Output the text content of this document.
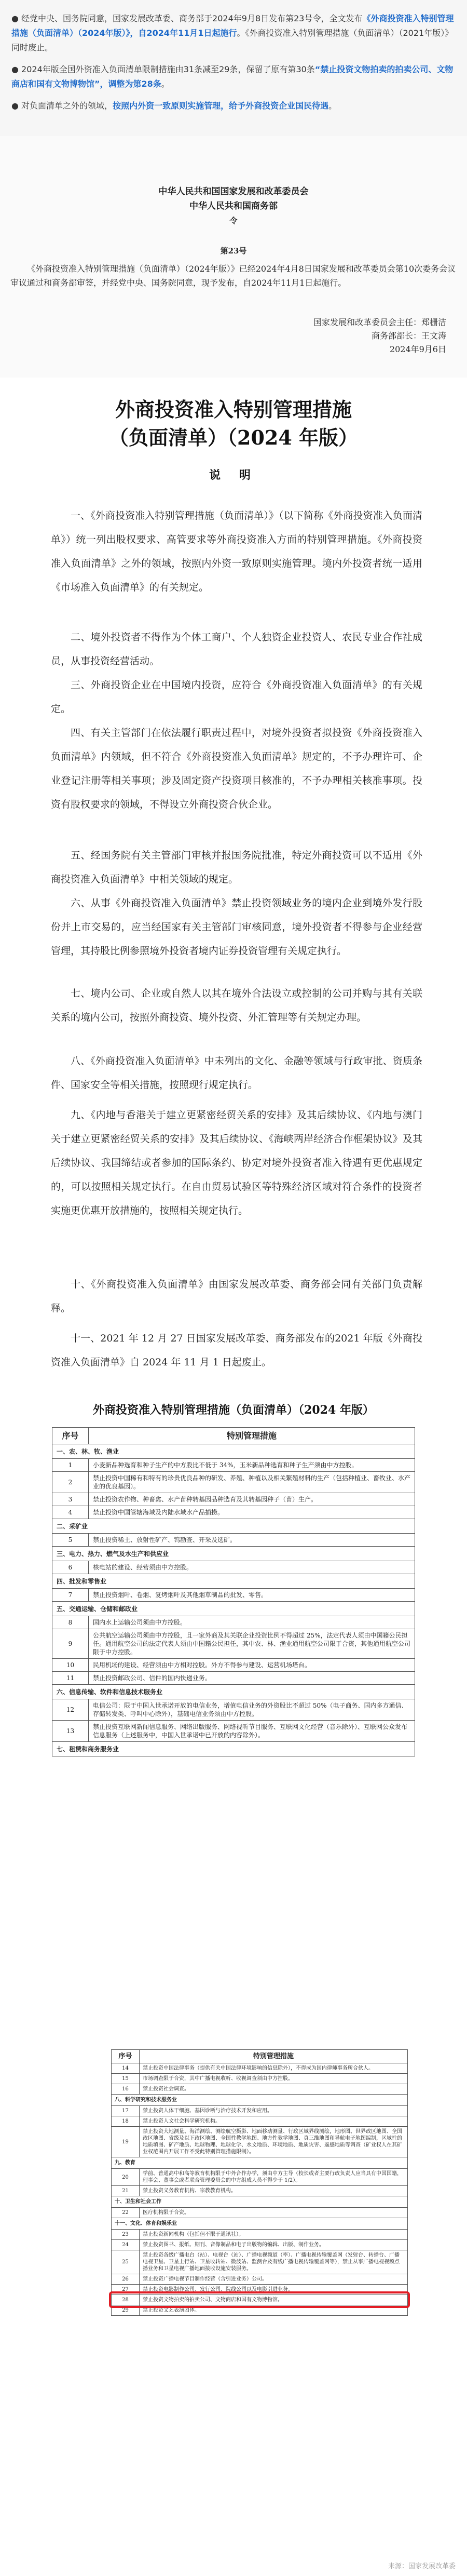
● 经党中央、国务院同意，国家发展改革委、商务部于2024年9月8日发布第23号令，全文发布《外商投资准入特别管理措施（负面清单）（2024年版）》，自2024年11月1日起施行。《外商投资准入特别管理措施（负面清单）（2021年版）》同时废止。

● 2024年版全国外资准入负面清单限制措施由31条减至29条，保留了原有第30条“禁止投资文物拍卖的拍卖公司、文物商店和国有文物博物馆”，调整为第28条。

● 对负面清单之外的领域，按照内外资一致原则实施管理，给予外商投资企业国民待遇。

中华人民共和国国家发展和改革委员会
中华人民共和国商务部
令
第23号
《外商投资准入特别管理措施（负面清单）（2024年版）》已经2024年4月8日国家发展和改革委员会第10次委务会议审议通过和商务部审签，并经党中央、国务院同意，现予发布，自2024年11月1日起施行。
国家发展和改革委员会主任：郑栅洁
商务部部长：王文涛
2024年9月6日
外商投资准入特别管理措施
（负面清单）（2024 年版）
说 明
一、《外商投资准入特别管理措施（负面清单）》（以下简称《外商投资准入负面清单》）统一列出股权要求、高管要求等外商投资准入方面的特别管理措施。《外商投资准入负面清单》之外的领域，按照内外资一致原则实施管理。境内外投资者统一适用《市场准入负面清单》的有关规定。
二、境外投资者不得作为个体工商户、个人独资企业投资人、农民专业合作社成员，从事投资经营活动。
三、外商投资企业在中国境内投资，应符合《外商投资准入负面清单》的有关规定。
四、有关主管部门在依法履行职责过程中，对境外投资者拟投资《外商投资准入负面清单》内领域，但不符合《外商投资准入负面清单》规定的，不予办理许可、企业登记注册等相关事项；涉及固定资产投资项目核准的，不予办理相关核准事项。投资有股权要求的领域，不得设立外商投资合伙企业。
五、经国务院有关主管部门审核并报国务院批准，特定外商投资可以不适用《外商投资准入负面清单》中相关领域的规定。
六、从事《外商投资准入负面清单》禁止投资领域业务的境内企业到境外发行股份并上市交易的，应当经国家有关主管部门审核同意，境外投资者不得参与企业经营管理，其持股比例参照境外投资者境内证券投资管理有关规定执行。
七、境内公司、企业或自然人以其在境外合法设立或控制的公司并购与其有关联关系的境内公司，按照外商投资、境外投资、外汇管理等有关规定办理。
八、《外商投资准入负面清单》中未列出的文化、金融等领域与行政审批、资质条件、国家安全等相关措施，按照现行规定执行。
九、《内地与香港关于建立更紧密经贸关系的安排》及其后续协议、《内地与澳门关于建立更紧密经贸关系的安排》及其后续协议、《海峡两岸经济合作框架协议》及其后续协议、我国缔结或者参加的国际条约、协定对境外投资者准入待遇有更优惠规定的，可以按照相关规定执行。在自由贸易试验区等特殊经济区域对符合条件的投资者实施更优惠开放措施的，按照相关规定执行。
十、《外商投资准入负面清单》由国家发展改革委、商务部会同有关部门负责解释。
十一、2021 年 12 月 27 日国家发展改革委、商务部发布的2021 年版《外商投资准入负面清单》自 2024 年 11 月 1 日起废止。
外商投资准入特别管理措施（负面清单）（2024 年版）
序号	特别管理措施
一、农、林、牧、渔业	
1	小麦新品种选育和种子生产的中方股比不低于 34%，玉米新品种选育和种子生产须由中方控股。
2	禁止投资中国稀有和特有的珍贵优良品种的研发、养殖、种植以及相关繁殖材料的生产（包括种植业、畜牧业、水产业的优良基因）。
3	禁止投资农作物、种畜禽、水产苗种转基因品种选育及其转基因种子（苗）生产。
4	禁止投资中国管辖海域及内陆水域水产品捕捞。
二、采矿业	
5	禁止投资稀土、放射性矿产、钨勘查、开采及选矿。
三、电力、热力、燃气及水生产和供应业	
6	核电站的建设、经营须由中方控股。
四、批发和零售业	
7	禁止投资烟叶、卷烟、复烤烟叶及其他烟草制品的批发、零售。
五、交通运输、仓储和邮政业	
8	国内水上运输公司须由中方控股。
9	公共航空运输公司须由中方控股，且一家外商及其关联企业投资比例不得超过 25%，法定代表人须由中国籍公民担任。通用航空公司的法定代表人须由中国籍公民担任，其中农、林、渔业通用航空公司限于合资，其他通用航空公司限于中方控股。
10	民用机场的建设、经营须由中方相对控股。外方不得参与建设、运营机场塔台。
11	禁止投资邮政公司、信件的国内快递业务。
六、信息传输、软件和信息技术服务业	
12	电信公司：限于中国入世承诺开放的电信业务，增值电信业务的外资股比不超过 50%（电子商务、国内多方通信、存储转发类、呼叫中心除外），基础电信业务须由中方控股。
13	禁止投资互联网新闻信息服务、网络出版服务、网络视听节目服务、互联网文化经营（音乐除外）、互联网公众发布信息服务（上述服务中，中国入世承诺中已开放的内容除外）。
七、租赁和商务服务业	
序号	特别管理措施
14	禁止投资中国法律事务（提供有关中国法律环境影响的信息除外），不得成为国内律师事务所合伙人。
15	市场调查限于合资，其中广播电视收听、收视调查须由中方控股。
16	禁止投资社会调查。
八、科学研究和技术服务业	
17	禁止投资人体干细胞、基因诊断与治疗技术开发和应用。
18	禁止投资人文社会科学研究机构。
19	禁止投资大地测量、海洋测绘、测绘航空摄影、地面移动测量、行政区域界线测绘，地形图、世界政区地图、全国政区地图、省级及以下政区地图、全国性教学地图、地方性教学地图、真三维地图和导航电子地图编制，区域性的地质填图、矿产地质、地球物理、地球化学、水文地质、环境地质、地质灾害、遥感地质等调查（矿业权人在其矿业权范围内开展工作不受此特别管理措施限制）。
九、教育	
20	学前、普通高中和高等教育机构限于中外合作办学，须由中方主导（校长或者主要行政负责人应当具有中国国籍，理事会、董事会或者联合管理委员会的中方组成人员不得少于 1/2）。
21	禁止投资义务教育机构、宗教教育机构。
十、卫生和社会工作	
22	医疗机构限于合资。
十一、文化、体育和娱乐业	
23	禁止投资新闻机构（包括但不限于通讯社）。
24	禁止投资图书、报纸、期刊、音像制品和电子出版物的编辑、出版、制作业务。
25	禁止投资各级广播电台（站）、电视台（站）、广播电视频道（率）、广播电视传输覆盖网（发射台、转播台、广播电视卫星、卫星上行站、卫星收转站、微波站、监测台及有线广播电视传输覆盖网等），禁止从事广播电视视频点播业务和卫星电视广播地面接收设施安装服务。
26	禁止投资广播电视节目制作经营（含引进业务）公司。
27	禁止投资电影制作公司、发行公司、院线公司以及电影引进业务。
28	禁止投资文物拍卖的拍卖公司、文物商店和国有文物博物馆。
29	禁止投资文艺表演团体。
来源：国家发展改革委
